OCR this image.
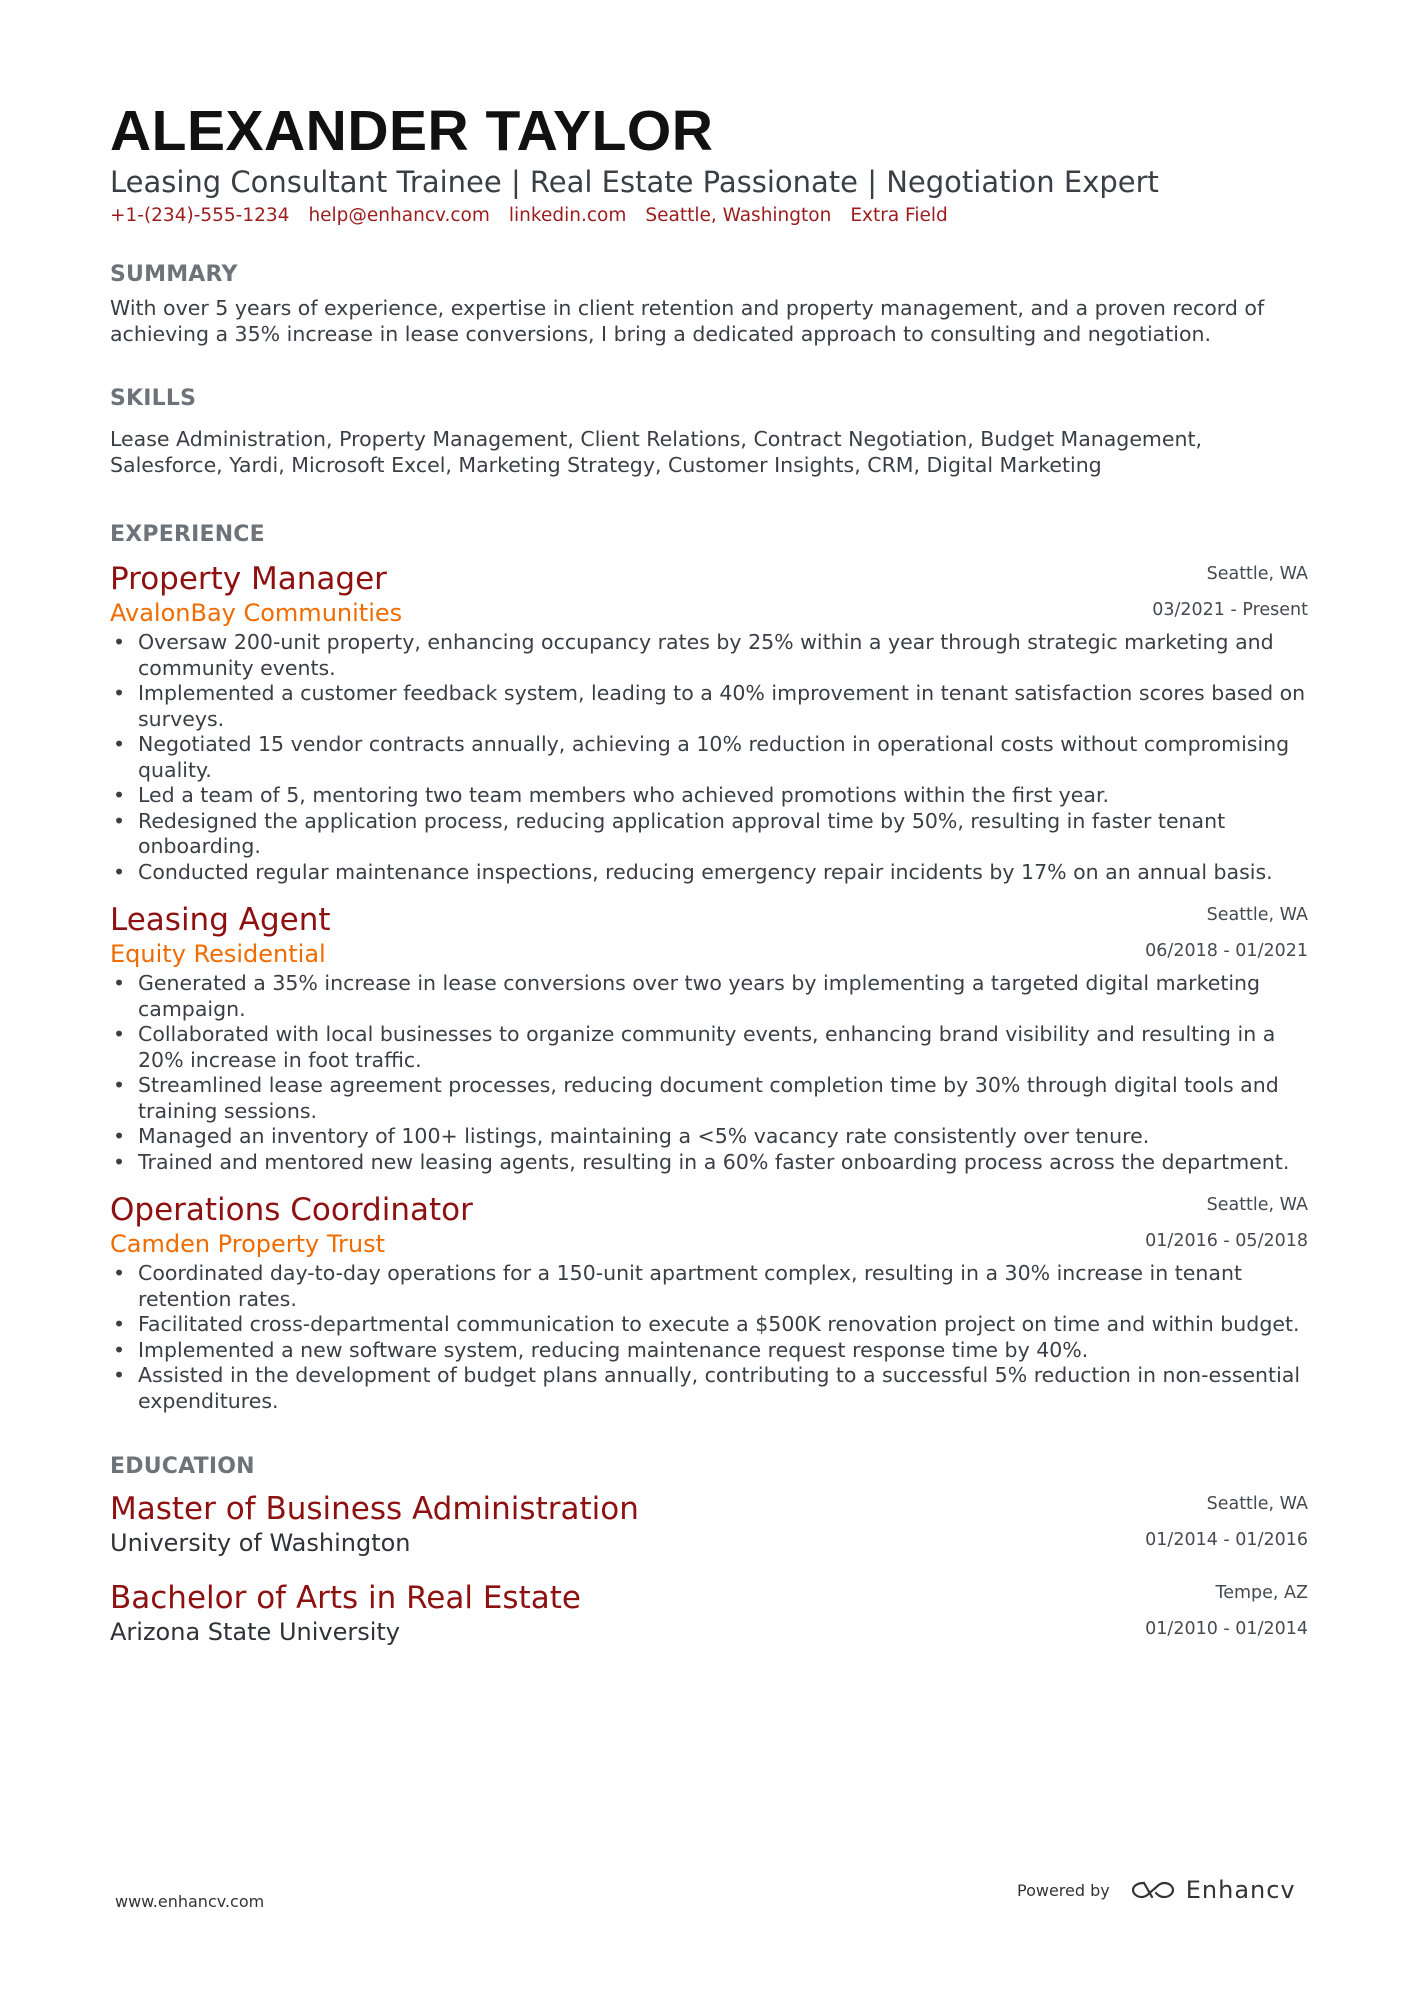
ALEXANDER TAYLOR
Leasing Consultant Trainee | Real Estate Passionate | Negotiation Expert
+1-(234)-555-1234 help@enhancv.com linkedin.com Seattle, Washington Extra Field
SUMMARY
With over 5 years of experience, expertise in client retention and property management, and a proven record of achieving a 35% increase in lease conversions, I bring a dedicated approach to consulting and negotiation.
SKILLS
Lease Administration, Property Management, Client Relations, Contract Negotiation, Budget Management, Salesforce, Yardi, Microsoft Excel, Marketing Strategy, Customer Insights, CRM, Digital Marketing
EXPERIENCE
Property Manager
AvalonBay Communities
Seattle, WA
03/2021 - Present
• Oversaw 200-unit property, enhancing occupancy rates by 25% within a year through strategic marketing and community events.
• Implemented a customer feedback system, leading to a 40% improvement in tenant satisfaction scores based on surveys.
• Negotiated 15 vendor contracts annually, achieving a 10% reduction in operational costs without compromising quality.
• Led a team of 5, mentoring two team members who achieved promotions within the first year.
• Redesigned the application process, reducing application approval time by 50%, resulting in faster tenant onboarding.
• Conducted regular maintenance inspections, reducing emergency repair incidents by 17% on an annual basis.
Leasing Agent
Equity Residential
Seattle, WA
06/2018 - 01/2021
• Generated a 35% increase in lease conversions over two years by implementing a targeted digital marketing campaign.
• Collaborated with local businesses to organize community events, enhancing brand visibility and resulting in a 20% increase in foot traffic.
• Streamlined lease agreement processes, reducing document completion time by 30% through digital tools and training sessions.
• Managed an inventory of 100+ listings, maintaining a <5% vacancy rate consistently over tenure.
• Trained and mentored new leasing agents, resulting in a 60% faster onboarding process across the department.
Operations Coordinator
Camden Property Trust
Seattle, WA
01/2016 - 05/2018
• Coordinated day-to-day operations for a 150-unit apartment complex, resulting in a 30% increase in tenant retention rates.
• Facilitated cross-departmental communication to execute a $500K renovation project on time and within budget.
• Implemented a new software system, reducing maintenance request response time by 40%.
• Assisted in the development of budget plans annually, contributing to a successful 5% reduction in non-essential expenditures.
EDUCATION
Master of Business Administration
University of Washington
Seattle, WA
01/2014 - 01/2016
Bachelor of Arts in Real Estate
Arizona State University
Tempe, AZ
01/2010 - 01/2014
www.enhancv.com
Powered by	Enhancv
